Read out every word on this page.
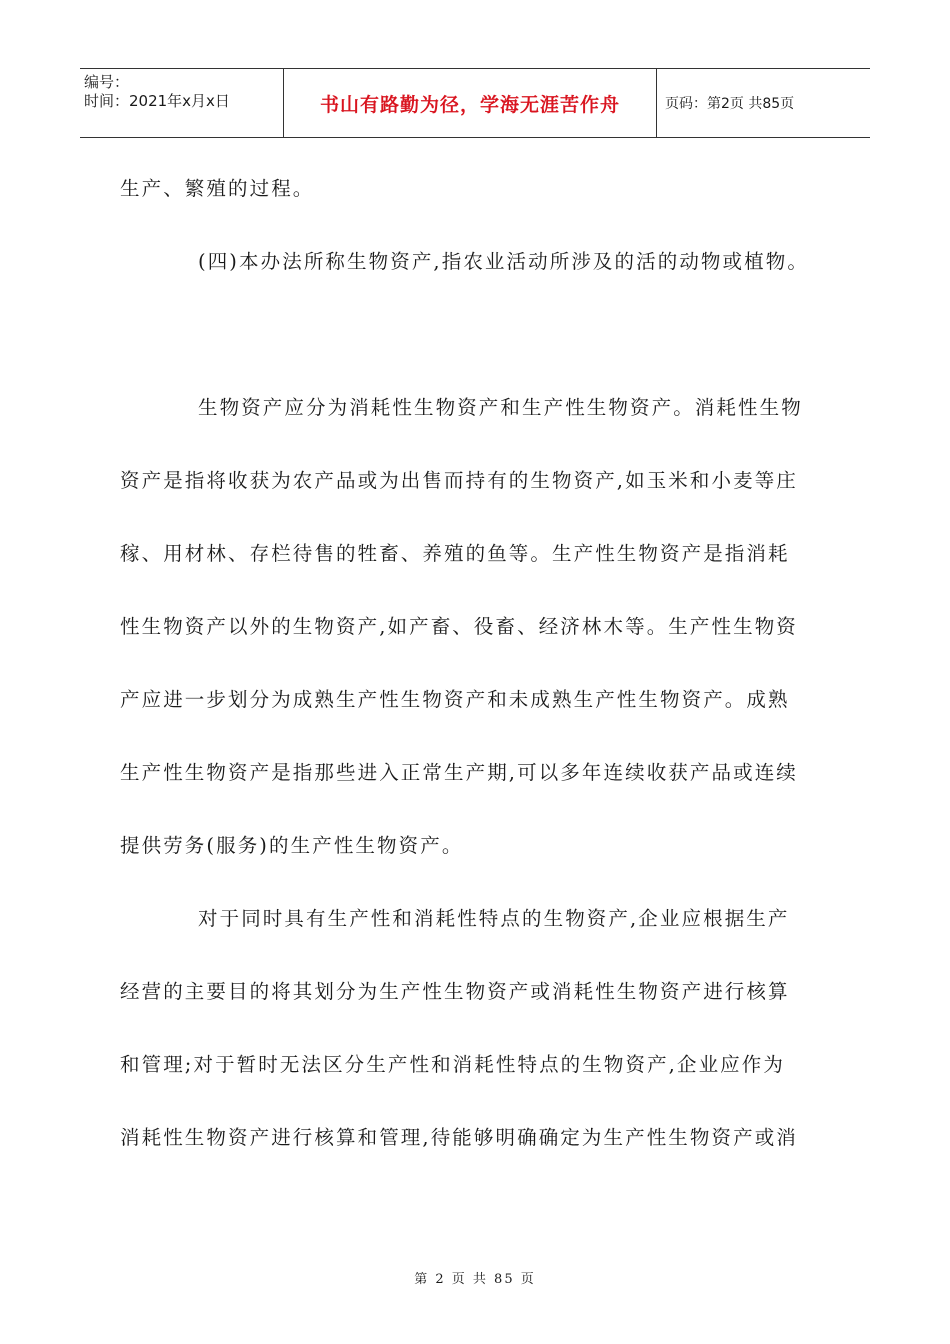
编号：
时间：2021年x月x日	书山有路勤为径，学海无涯苦作舟	页码：第2页 共85页
生产、繁殖的过程。
(四)本办法所称生物资产,指农业活动所涉及的活的动物或植物。
生物资产应分为消耗性生物资产和生产性生物资产。消耗性生物
资产是指将收获为农产品或为出售而持有的生物资产,如玉米和小麦等庄
稼、用材林、存栏待售的牲畜、养殖的鱼等。生产性生物资产是指消耗
性生物资产以外的生物资产,如产畜、役畜、经济林木等。生产性生物资
产应进一步划分为成熟生产性生物资产和未成熟生产性生物资产。成熟
生产性生物资产是指那些进入正常生产期,可以多年连续收获产品或连续
提供劳务(服务)的生产性生物资产。
对于同时具有生产性和消耗性特点的生物资产,企业应根据生产
经营的主要目的将其划分为生产性生物资产或消耗性生物资产进行核算
和管理;对于暂时无法区分生产性和消耗性特点的生物资产,企业应作为
消耗性生物资产进行核算和管理,待能够明确确定为生产性生物资产或消
第 2 页 共 85 页
